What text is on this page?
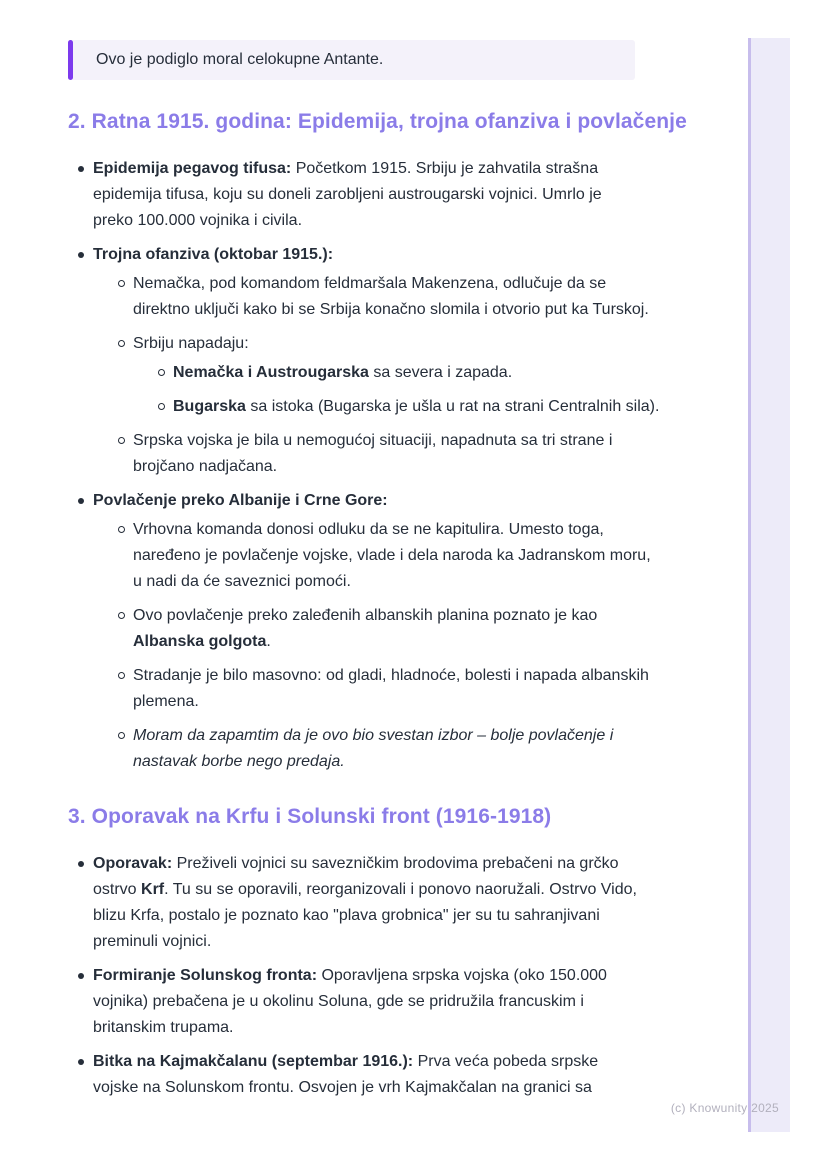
Ovo je podiglo moral celokupne Antante.
2. Ratna 1915. godina: Epidemija, trojna ofanziva i povlačenje
Epidemija pegavog tifusa: Početkom 1915. Srbiju je zahvatila strašna epidemija tifusa, koju su doneli zarobljeni austrougarski vojnici. Umrlo je preko 100.000 vojnika i civila.
Trojna ofanziva (oktobar 1915.):
Nemačka, pod komandom feldmaršala Makenzena, odlučuje da se direktno uključi kako bi se Srbija konačno slomila i otvorio put ka Turskoj.
Srbiju napadaju:
Nemačka i Austrougarska sa severa i zapada.
Bugarska sa istoka (Bugarska je ušla u rat na strani Centralnih sila).
Srpska vojska je bila u nemogućoj situaciji, napadnuta sa tri strane i brojčano nadjačana.
Povlačenje preko Albanije i Crne Gore:
Vrhovna komanda donosi odluku da se ne kapitulira. Umesto toga, naređeno je povlačenje vojske, vlade i dela naroda ka Jadranskom moru, u nadi da će saveznici pomoći.
Ovo povlačenje preko zaleđenih albanskih planina poznato je kao Albanska golgota.
Stradanje je bilo masovno: od gladi, hladnoće, bolesti i napada albanskih plemena.
Moram da zapamtim da je ovo bio svestan izbor – bolje povlačenje i nastavak borbe nego predaja.
3. Oporavak na Krfu i Solunski front (1916-1918)
Oporavak: Preživeli vojnici su savezničkim brodovima prebačeni na grčko ostrvo Krf. Tu su se oporavili, reorganizovali i ponovo naoružali. Ostrvo Vido, blizu Krfa, postalo je poznato kao "plava grobnica" jer su tu sahranjivani preminuli vojnici.
Formiranje Solunskog fronta: Oporavljena srpska vojska (oko 150.000 vojnika) prebačena je u okolinu Soluna, gde se pridružila francuskim i britanskim trupama.
Bitka na Kajmakčalanu (septembar 1916.): Prva veća pobeda srpske vojske na Solunskom frontu. Osvojen je vrh Kajmakčalan na granici sa
(c) Knowunity 2025
